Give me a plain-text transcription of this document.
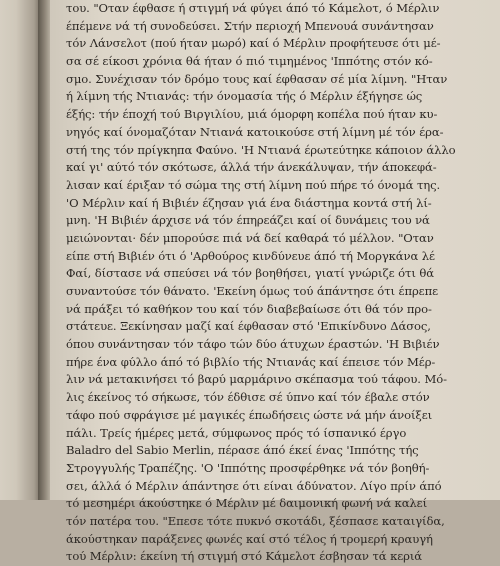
του. "Οταν έφθασε ή στιγμή νά φύγει άπό τό Κάμελοτ, ό Μέρλιν
έπέμενε νά τή συνοδεύσει. Στήν περιοχή Μπενουά συνάντησαν
τόν Λάνσελοτ (πού ήταν μωρό) καί ό Μέρλιν προφήτευσε ότι μέ-
σα σέ είκοσι χρόνια θά ήταν ό πιό τιμημένος 'Ιππότης στόν κό-
σμο. Συνέχισαν τόν δρόμο τους καί έφθασαν σέ μία λίμνη. "Ηταν
ή λίμνη τής Ντιανάς: τήν όνομασία τής ό Μέρλιν έξήγησε ώς
έξής: τήν έποχή τού Βιργιλίου, μιά όμορφη κοπέλα πού ήταν κυ-
νηγός καί όνομαζόταν Ντιανά κατοικούσε στή λίμνη μέ τόν έρα-
στή της τόν πρίγκηπα Φαύνο. 'Η Ντιανά έρωτεύτηκε κάποιον άλλο
καί γι' αύτό τόν σκότωσε, άλλά τήν άνεκάλυψαν, τήν άποκεφά-
λισαν καί έριξαν τό σώμα της στή λίμνη πού πήρε τό όνομά της.
'Ο Μέρλιν καί ή Βιβιέν έζησαν γιά ένα διάστημα κοντά στή λί-
μνη. 'Η Βιβιέν άρχισε νά τόν έπηρεάζει καί οί δυνάμεις του νά
μειώνονται· δέν μπορούσε πιά νά δεί καθαρά τό μέλλον. "Οταν
είπε στή Βιβιέν ότι ό 'Αρθούρος κινδύνευε άπό τή Μοργκάνα λέ
Φαί, δίστασε νά σπεύσει νά τόν βοηθήσει, γιατί γνώριζε ότι θά
συναντούσε τόν θάνατο. 'Εκείνη όμως τού άπάντησε ότι έπρεπε
νά πράξει τό καθήκον του καί τόν διαβεβαίωσε ότι θά τόν προ-
στάτευε. Ξεκίνησαν μαζί καί έφθασαν στό 'Επικίνδυνο Δάσος,
όπου συνάντησαν τόν τάφο τών δύο άτυχων έραστών. 'Η Βιβιέν
πήρε ένα φύλλο άπό τό βιβλίο τής Ντιανάς καί έπεισε τόν Μέρ-
λιν νά μετακινήσει τό βαρύ μαρμάρινο σκέπασμα τού τάφου. Μό-
λις έκείνος τό σήκωσε, τόν έδθισε σέ ύπνο καί τόν έβαλε στόν
τάφο πού σφράγισε μέ μαγικές έπωδήσεις ώστε νά μήν άνοίξει
πάλι. Τρείς ήμέρες μετά, σύμφωνος πρός τό ίσπανικό έργο
Baladro del Sabio Merlin, πέρασε άπό έκεί ένας 'Ιππότης τής
Στρογγυλής Τραπέζης. 'Ο 'Ιππότης προσφέρθηκε νά τόν βοηθή-
σει, άλλά ό Μέρλιν άπάντησε ότι είναι άδύνατον. Λίγο πρίν άπό
τό μεσημέρι άκούστηκε ό Μέρλιν μέ δαιμονική φωνή νά καλεί
τόν πατέρα του. "Επεσε τότε πυκνό σκοτάδι, ξέσπασε καταιγίδα,
άκούστηκαν παράξενες φωνές καί στό τέλος ή τρομερή κραυγή
τού Μέρλιν: έκείνη τή στιγμή στό Κάμελοτ έσβησαν τά κεριά
